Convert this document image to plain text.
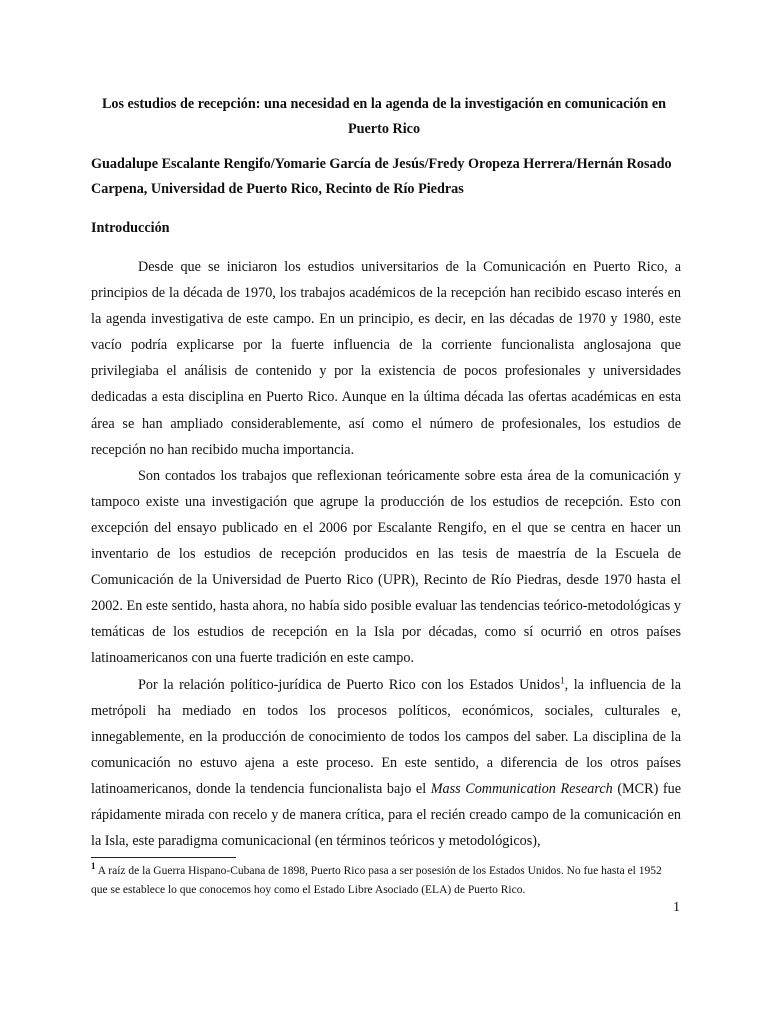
Los estudios de recepción: una necesidad en la agenda de la investigación en comunicación en Puerto Rico

Guadalupe Escalante Rengifo/Yomarie García de Jesús/Fredy Oropeza Herrera/Hernán Rosado Carpena, Universidad de Puerto Rico, Recinto de Río Piedras

Introducción

Desde que se iniciaron los estudios universitarios de la Comunicación en Puerto Rico, a principios de la década de 1970, los trabajos académicos de la recepción han recibido escaso interés en la agenda investigativa de este campo. En un principio, es decir, en las décadas de 1970 y 1980, este vacío podría explicarse por la fuerte influencia de la corriente funcionalista anglosajona que privilegiaba el análisis de contenido y por la existencia de pocos profesionales y universidades dedicadas a esta disciplina en Puerto Rico. Aunque en la última década las ofertas académicas en esta área se han ampliado considerablemente, así como el número de profesionales, los estudios de recepción no han recibido mucha importancia.

Son contados los trabajos que reflexionan teóricamente sobre esta área de la comunicación y tampoco existe una investigación que agrupe la producción de los estudios de recepción. Esto con excepción del ensayo publicado en el 2006 por Escalante Rengifo, en el que se centra en hacer un inventario de los estudios de recepción producidos en las tesis de maestría de la Escuela de Comunicación de la Universidad de Puerto Rico (UPR), Recinto de Río Piedras, desde 1970 hasta el 2002. En este sentido, hasta ahora, no había sido posible evaluar las tendencias teórico-metodológicas y temáticas de los estudios de recepción en la Isla por décadas, como sí ocurrió en otros países latinoamericanos con una fuerte tradición en este campo.

Por la relación político-jurídica de Puerto Rico con los Estados Unidos$^1$, la influencia de la metrópoli ha mediado en todos los procesos políticos, económicos, sociales, culturales e, innegablemente, en la producción de conocimiento de todos los campos del saber. La disciplina de la comunicación no estuvo ajena a este proceso. En este sentido, a diferencia de los otros países latinoamericanos, donde la tendencia funcionalista bajo el Mass Communication Research (MCR) fue rápidamente mirada con recelo y de manera crítica, para el recién creado campo de la comunicación en la Isla, este paradigma comunicacional (en términos teóricos y metodológicos),

$^1$ A raíz de la Guerra Hispano-Cubana de 1898, Puerto Rico pasa a ser posesión de los Estados Unidos. No fue hasta el 1952 que se establece lo que conocemos hoy como el Estado Libre Asociado (ELA) de Puerto Rico.

1
